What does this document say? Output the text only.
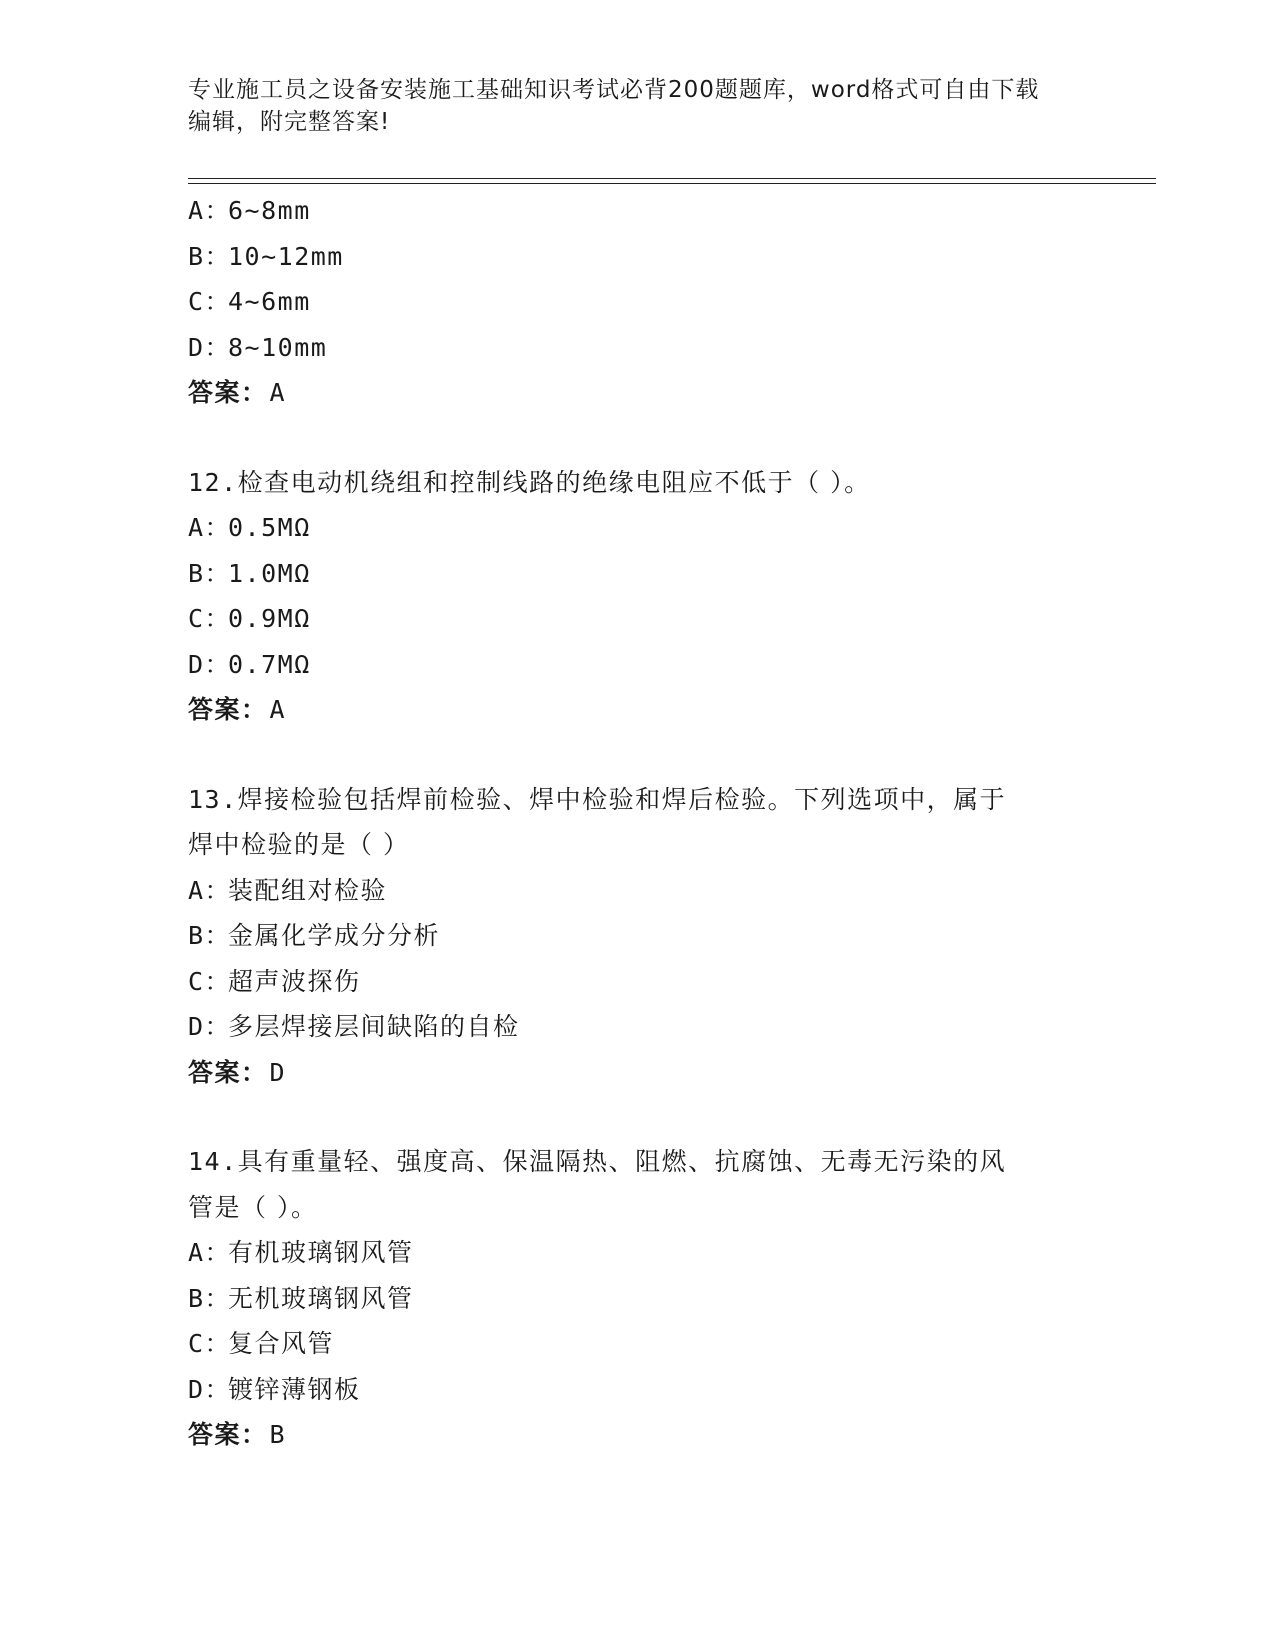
专业施工员之设备安装施工基础知识考试必背200题题库，word格式可自由下载
编辑，附完整答案!
A：6~8mm
B：10~12mm
C：4~6mm
D：8~10mm
答案：A
12.检查电动机绕组和控制线路的绝缘电阻应不低于（ ）。
A：0.5MΩ
B：1.0MΩ
C：0.9MΩ
D：0.7MΩ
答案：A
13.焊接检验包括焊前检验、焊中检验和焊后检验。下列选项中，属于
焊中检验的是（ ）
A：装配组对检验
B：金属化学成分分析
C：超声波探伤
D：多层焊接层间缺陷的自检
答案：D
14.具有重量轻、强度高、保温隔热、阻燃、抗腐蚀、无毒无污染的风
管是（ ）。
A：有机玻璃钢风管
B：无机玻璃钢风管
C：复合风管
D：镀锌薄钢板
答案：B
